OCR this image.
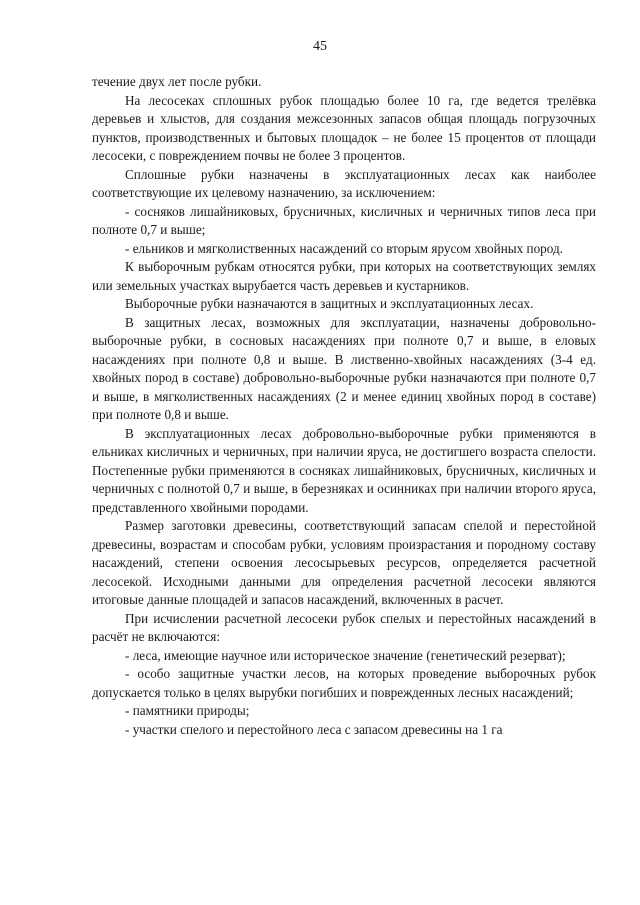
45

течение двух лет после рубки.

На лесосеках сплошных рубок площадью более 10 га, где ведется трелёвка деревьев и хлыстов, для создания межсезонных запасов общая площадь погрузочных пунктов, производственных и бытовых площадок – не более 15 процентов от площади лесосеки, с повреждением почвы не более 3 процентов.

Сплошные рубки назначены в эксплуатационных лесах как наиболее соответствующие их целевому назначению, за исключением:

- сосняков лишайниковых, брусничных, кисличных и черничных типов леса при полноте 0,7 и выше;

- ельников и мягколиственных насаждений со вторым ярусом хвойных пород.

К выборочным рубкам относятся рубки, при которых на соответствующих землях или земельных участках вырубается часть деревьев и кустарников.

Выборочные рубки назначаются в защитных и эксплуатационных лесах.

В защитных лесах, возможных для эксплуатации, назначены добровольно-выборочные рубки, в сосновых насаждениях при полноте 0,7 и выше, в еловых насаждениях при полноте 0,8 и выше. В лиственно-хвойных насаждениях (3-4 ед. хвойных пород в составе) добровольно-выборочные рубки назначаются при полноте 0,7 и выше, в мягколиственных насаждениях (2 и менее единиц хвойных пород в составе) при полноте 0,8 и выше.

В эксплуатационных лесах добровольно-выборочные рубки применяются в ельниках кисличных и черничных, при наличии яруса, не достигшего возраста спелости. Постепенные рубки применяются в сосняках лишайниковых, брусничных, кисличных и черничных с полнотой 0,7 и выше, в березняках и осинниках при наличии второго яруса, представленного хвойными породами.

Размер заготовки древесины, соответствующий запасам спелой и перестойной древесины, возрастам и способам рубки, условиям произрастания и породному составу насаждений, степени освоения лесосырьевых ресурсов, определяется расчетной лесосекой. Исходными данными для определения расчетной лесосеки являются итоговые данные площадей и запасов насаждений, включенных в расчет.

При исчислении расчетной лесосеки рубок спелых и перестойных насаждений в расчёт не включаются:

- леса, имеющие научное или историческое значение (генетический резерват);

- особо защитные участки лесов, на которых проведение выборочных рубок допускается только в целях вырубки погибших и поврежденных лесных насаждений;

- памятники природы;

- участки спелого и перестойного леса с запасом древесины на 1 га
